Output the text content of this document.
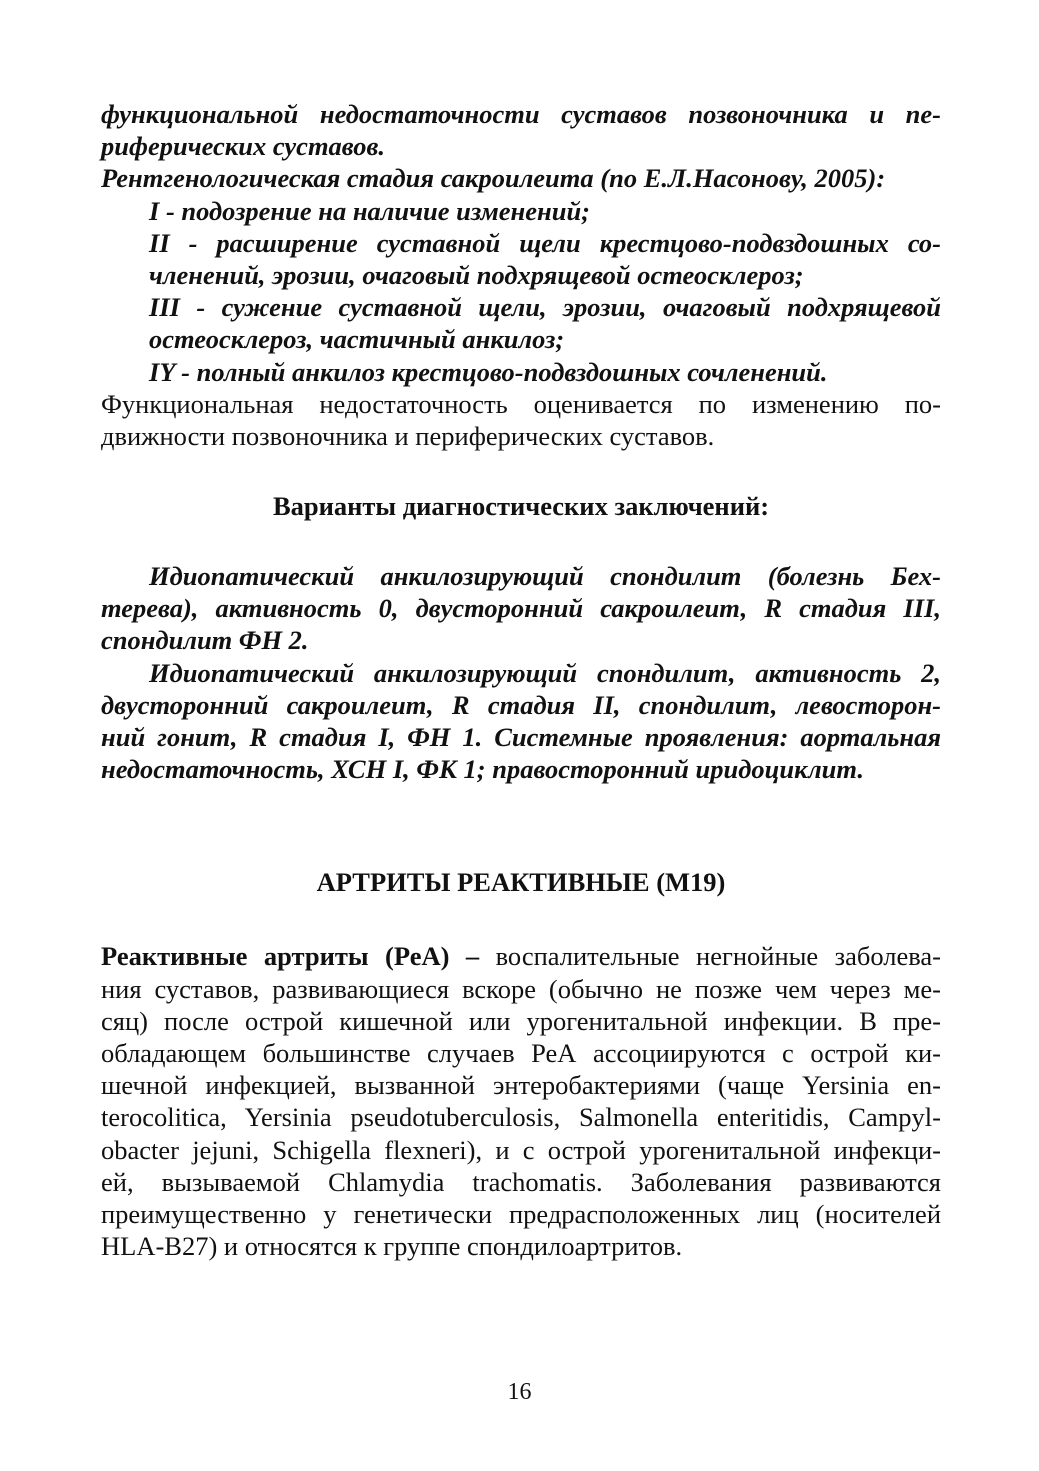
функциональной недостаточности суставов позвоночника и пе-
риферических суставов.
Рентгенологическая стадия сакроилеита (по Е.Л.Насонову, 2005):
I - подозрение на наличие изменений;
II - расширение суставной щели крестцово-подвздошных со-
членений, эрозии, очаговый подхрящевой остеосклероз;
III - сужение суставной щели, эрозии, очаговый подхрящевой
остеосклероз, частичный анкилоз;
IY - полный анкилоз крестцово-подвздошных сочленений.
Функциональная недостаточность оценивается по изменению по-
движности позвоночника и периферических суставов.
Варианты диагностических заключений:
Идиопатический анкилозирующий спондилит (болезнь Бех-
терева), активность 0, двусторонний сакроилеит, R стадия III,
спондилит ФН 2.
Идиопатический анкилозирующий спондилит, активность 2,
двусторонний сакроилеит, R стадия II, спондилит, левосторон-
ний гонит, R стадия I, ФН 1. Системные проявления: аортальная
недостаточность, ХСН I, ФК 1; правосторонний иридоциклит.
АРТРИТЫ РЕАКТИВНЫЕ (М19)
Реактивные артриты (РеА) – воспалительные негнойные заболева-
ния суставов, развивающиеся вскоре (обычно не позже чем через ме-
сяц) после острой кишечной или урогенитальной инфекции. В пре-
обладающем большинстве случаев РеА ассоциируются с острой ки-
шечной инфекцией, вызванной энтеробактериями (чаще Yersinia en-
terocolitica, Yersinia pseudotuberculosis, Salmonella enteritidis, Campyl-
obacter jejuni, Schigella flexneri), и с острой урогенитальной инфекци-
ей, вызываемой Chlamydia trachomatis. Заболевания развиваются
преимущественно у генетически предрасположенных лиц (носителей
HLA-B27) и относятся к группе спондилоартритов.
16
